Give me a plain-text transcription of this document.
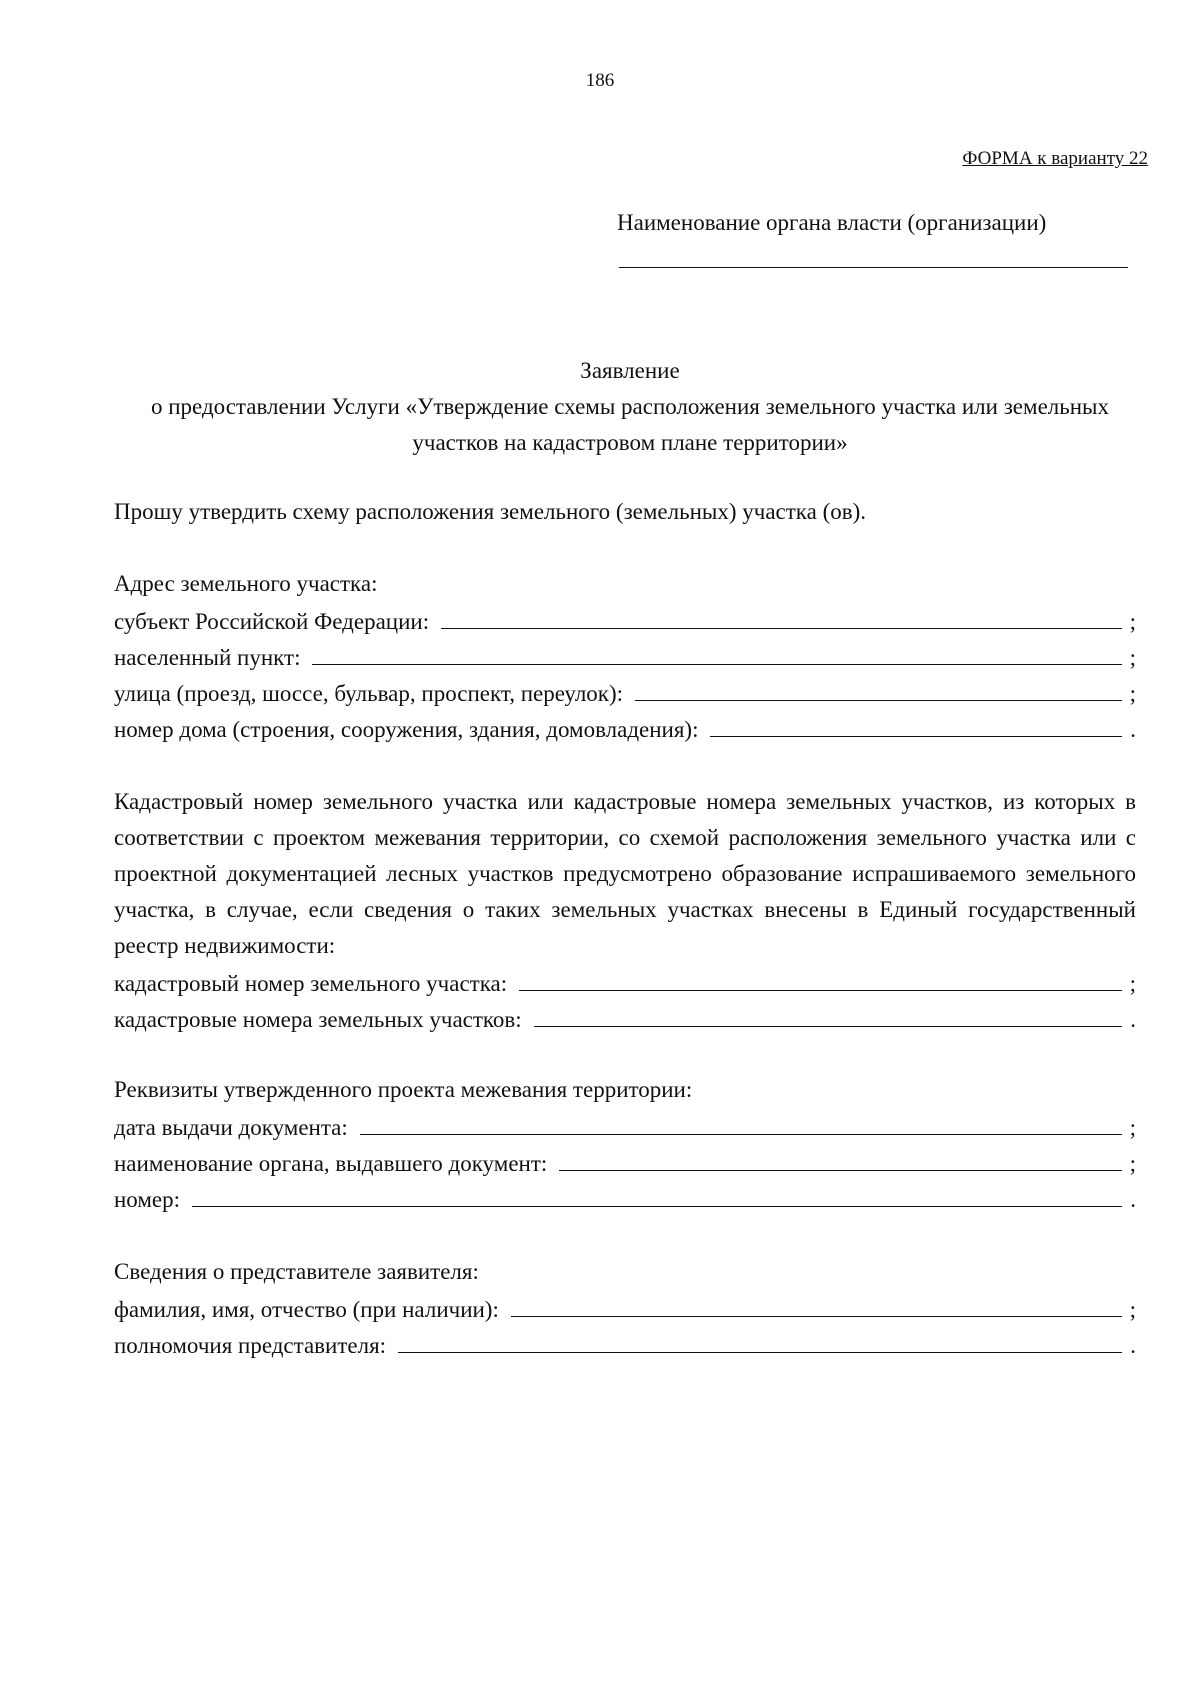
186
ФОРМА к варианту 22
Наименование органа власти (организации)
Заявление
о предоставлении Услуги «Утверждение схемы расположения земельного участка или земельных
участков на кадастровом плане территории»
Прошу утвердить схему расположения земельного (земельных) участка (ов).
Адрес земельного участка:
субъект Российской Федерации:	;
населенный пункт:	;
улица (проезд, шоссе, бульвар, проспект, переулок):	;
номер дома (строения, сооружения, здания, домовладения):	.
Кадастровый номер земельного участка или кадастровые номера земельных участков, из которых в соответствии с проектом межевания территории, со схемой расположения земельного участка или с проектной документацией лесных участков предусмотрено образование испрашиваемого земельного участка, в случае, если сведения о таких земельных участках внесены в Единый государственный реестр недвижимости:
кадастровый номер земельного участка:	;
кадастровые номера земельных участков:	.
Реквизиты утвержденного проекта межевания территории:
дата выдачи документа:	;
наименование органа, выдавшего документ:	;
номер:	.
Сведения о представителе заявителя:
фамилия, имя, отчество (при наличии):	;
полномочия представителя:	.
